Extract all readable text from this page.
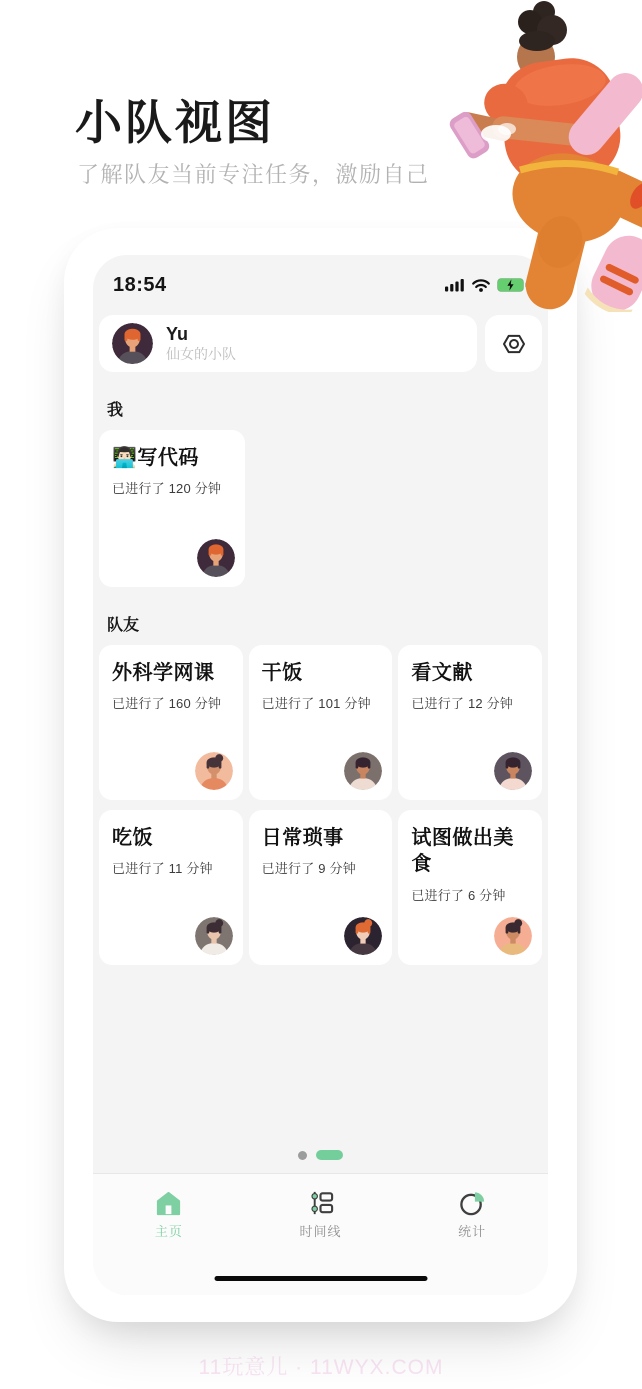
小队视图
了解队友当前专注任务，激励自己
18:54
Yu
仙女的小队
我
👨🏻‍💻写代码
已进行了 120 分钟
队友
外科学网课
已进行了 160 分钟
干饭
已进行了 101 分钟
看文献
已进行了 12 分钟
吃饭
已进行了 11 分钟
日常琐事
已进行了 9 分钟
试图做出美食
已进行了 6 分钟
主页	时间线	统计
11玩意儿 · 11WYX.COM
